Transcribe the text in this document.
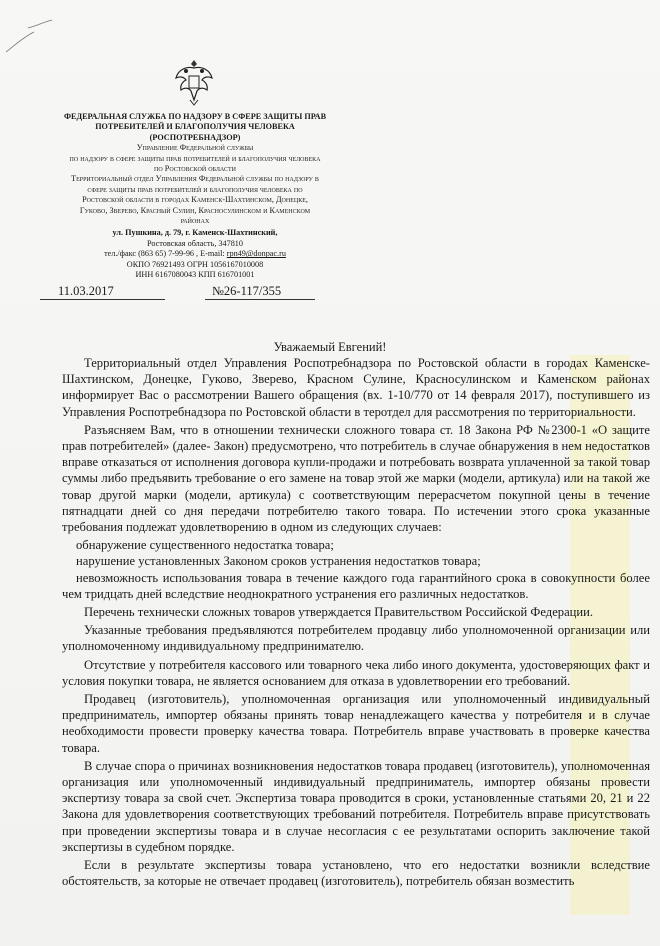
ФЕДЕРАЛЬНАЯ СЛУЖБА ПО НАДЗОРУ В СФЕРЕ ЗАЩИТЫ ПРАВ
ПОТРЕБИТЕЛЕЙ И БЛАГОПОЛУЧИЯ ЧЕЛОВЕКА
(РОСПОТРЕБНАДЗОР)
Управление Федеральной службы
по надзору в сфере защиты прав потребителей и благополучия человека
по Ростовской области
Территориальный отдел Управления Федеральной службы по надзору в
сфере защиты прав потребителей и благополучия человека по
Ростовской области в городах Каменск-Шахтинском, Донецке,
Гуково, Зверево, Красный Сулин, Красносулинском и Каменском
районах
ул. Пушкина, д. 79, г. Каменск-Шахтинский,
Ростовская область, 347810
тел./факс (863 65) 7-99-96 , E-mail: rpn49@donpac.ru
ОКПО 76921493 ОГРН 1056167010008
ИНН 6167080043 КПП 616701001
11.03.2017	№26-117/355
Уважаемый Евгений!

Территориальный отдел Управления Роспотребнадзора по Ростовской области в городах Каменске-Шахтинском, Донецке, Гуково, Зверево, Красном Сулине, Красносулинском и Каменском районах информирует Вас о рассмотрении Вашего обращения (вх. 1-10/770 от 14 февраля 2017), поступившего из Управления Роспотребнадзора по Ростовской области в теротдел для рассмотрения по территориальности.

Разъясняем Вам, что в отношении технически сложного товара ст. 18 Закона РФ №2300-1 «О защите прав потребителей» (далее- Закон) предусмотрено, что потребитель в случае обнаружения в нем недостатков вправе отказаться от исполнения договора купли-продажи и потребовать возврата уплаченной за такой товар суммы либо предъявить требование о его замене на товар этой же марки (модели, артикула) или на такой же товар другой марки (модели, артикула) с соответствующим перерасчетом покупной цены в течение пятнадцати дней со дня передачи потребителю такого товара. По истечении этого срока указанные требования подлежат удовлетворению в одном из следующих случаев:

обнаружение существенного недостатка товара;

нарушение установленных Законом сроков устранения недостатков товара;

невозможность использования товара в течение каждого года гарантийного срока в совокупности более чем тридцать дней вследствие неоднократного устранения его различных недостатков.

Перечень технически сложных товаров утверждается Правительством Российской Федерации.

Указанные требования предъявляются потребителем продавцу либо уполномоченной организации или уполномоченному индивидуальному предпринимателю.

Отсутствие у потребителя кассового или товарного чека либо иного документа, удостоверяющих факт и условия покупки товара, не является основанием для отказа в удовлетворении его требований.

Продавец (изготовитель), уполномоченная организация или уполномоченный индивидуальный предприниматель, импортер обязаны принять товар ненадлежащего качества у потребителя и в случае необходимости провести проверку качества товара. Потребитель вправе участвовать в проверке качества товара.

В случае спора о причинах возникновения недостатков товара продавец (изготовитель), уполномоченная организация или уполномоченный индивидуальный предприниматель, импортер обязаны провести экспертизу товара за свой счет. Экспертиза товара проводится в сроки, установленные статьями 20, 21 и 22 Закона для удовлетворения соответствующих требований потребителя. Потребитель вправе присутствовать при проведении экспертизы товара и в случае несогласия с ее результатами оспорить заключение такой экспертизы в судебном порядке.

Если в результате экспертизы товара установлено, что его недостатки возникли вследствие обстоятельств, за которые не отвечает продавец (изготовитель), потребитель обязан возместить
